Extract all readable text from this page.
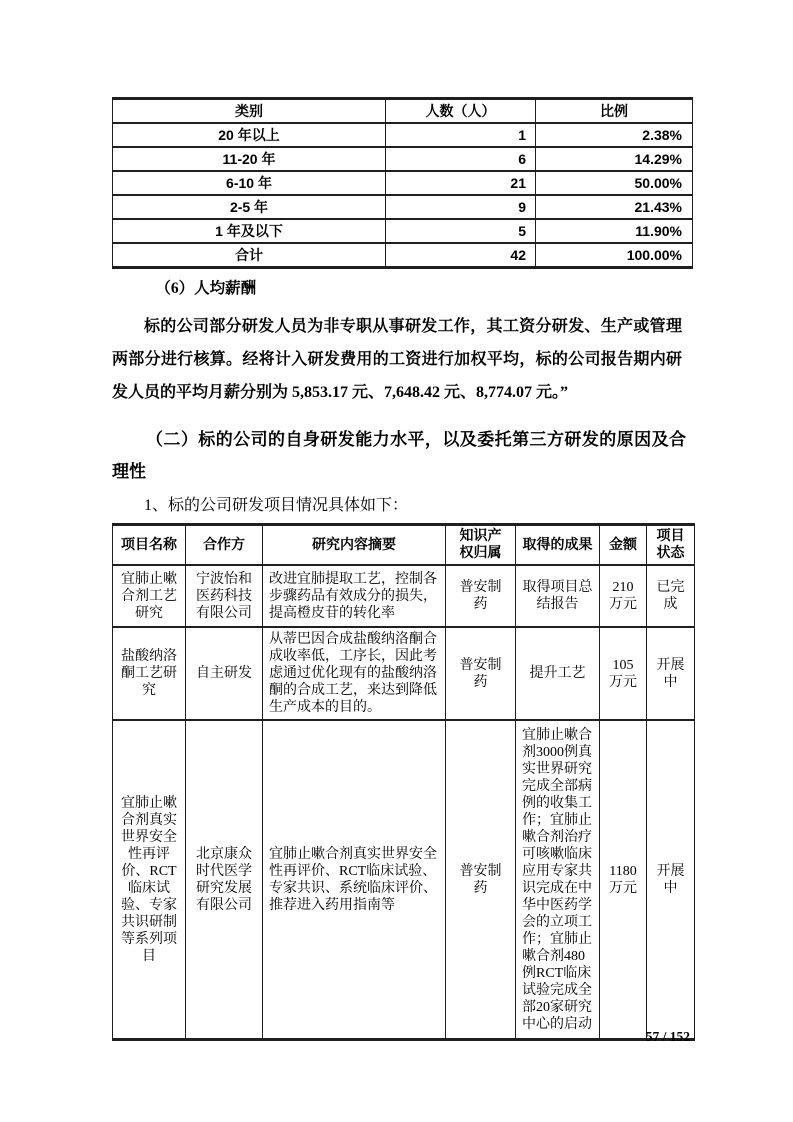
类别	人数（人）	比例
20 年以上	1	2.38%
11-20 年	6	14.29%
6-10 年	21	50.00%
2-5 年	9	21.43%
1 年及以下	5	11.90%
合计	42	100.00%
（6）人均薪酬
标的公司部分研发人员为非专职从事研发工作，其工资分研发、生产或管理两部分进行核算。经将计入研发费用的工资进行加权平均，标的公司报告期内研发人员的平均月薪分别为 5,853.17 元、7,648.42 元、8,774.07 元。”
（二）标的公司的自身研发能力水平，以及委托第三方研发的原因及合理性
1、标的公司研发项目情况具体如下：
项目名称	合作方	研究内容摘要	知识产权归属	取得的成果	金额	项目状态
宜肺止嗽合剂工艺研究	宁波怡和医药科技有限公司	改进宜肺提取工艺，控制各步骤药品有效成分的损失，提高橙皮苷的转化率	普安制药	取得项目总结报告	210 万元	已完成
盐酸纳洛酮工艺研究	自主研发	从蒂巴因合成盐酸纳洛酮合成收率低，工序长，因此考虑通过优化现有的盐酸纳洛酮的合成工艺，来达到降低生产成本的目的。	普安制药	提升工艺	105 万元	开展中
宜肺止嗽合剂真实世界安全性再评价、RCT临床试验、专家共识研制等系列项目	北京康众时代医学研究发展有限公司	宜肺止嗽合剂真实世界安全性再评价、RCT临床试验、专家共识、系统临床评价、推荐进入药用指南等	普安制药	宜肺止嗽合剂3000例真实世界研究完成全部病例的收集工作；宜肺止嗽合剂治疗可咳嗽临床应用专家共识完成在中华中医药学会的立项工作；宜肺止嗽合剂480例RCT临床试验完成全部20家研究中心的启动	1180 万元	开展中
57 / 152
